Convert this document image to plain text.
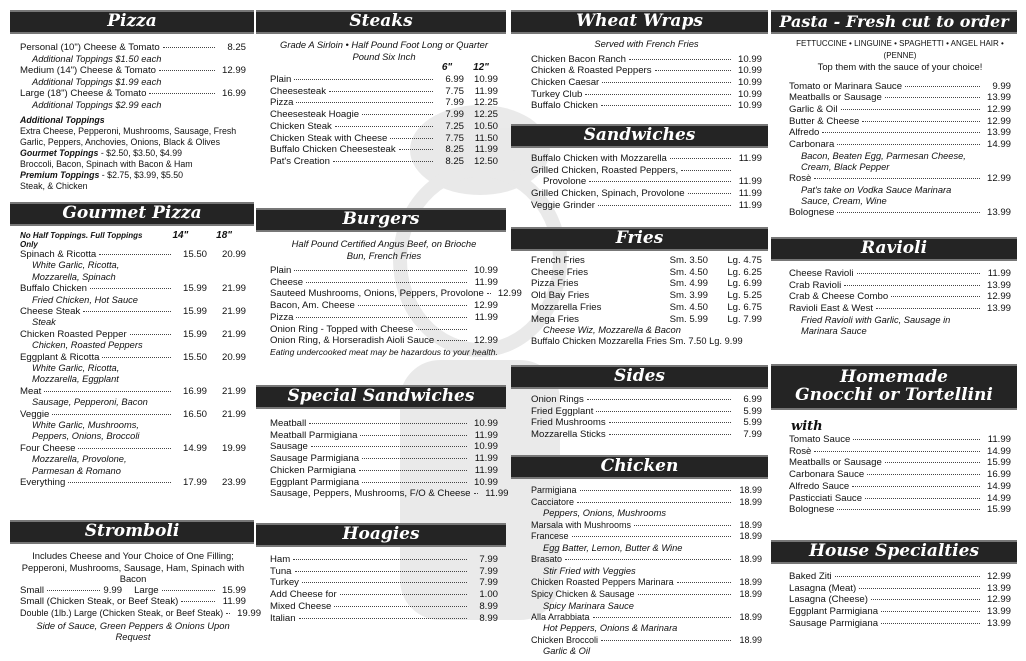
Pizza
Personal (10") Cheese & Tomato	8.25
Additional Toppings $1.50 each
Medium (14") Cheese & Tomato	12.99
Additional Toppings $1.99 each
Large (18") Cheese & Tomato	16.99
Additional Toppings $2.99 each
Additional Toppings
Extra Cheese, Pepperoni, Mushrooms, Sausage, Fresh Garlic, Peppers, Anchovies, Onions, Black & Olives
Gourmet Toppings - $2.50, $3.50, $4.99
Broccoli, Bacon, Spinach with Bacon & Ham
Premium Toppings - $2.75, $3.99, $5.50
Steak, & Chicken
Gourmet Pizza
No Half Toppings. Full Toppings Only
14"	18"
Spinach & Ricotta	15.50	20.99
White Garlic, Ricotta, Mozzarella, Spinach
Buffalo Chicken	15.99	21.99
Fried Chicken, Hot Sauce
Cheese Steak	15.99	21.99
Steak
Chicken Roasted Pepper	15.99	21.99
Chicken, Roasted Peppers
Eggplant & Ricotta	15.50	20.99
White Garlic, Ricotta, Mozzarella, Eggplant
Meat	16.99	21.99
Sausage, Pepperoni, Bacon
Veggie	16.50	21.99
White Garlic, Mushrooms, Peppers, Onions, Broccoli
Four Cheese	14.99	19.99
Mozzarella, Provolone, Parmesan & Romano
Everything	17.99	23.99
Stromboli
Includes Cheese and Your Choice of One Filling; Pepperoni, Mushrooms, Sausage, Ham, Spinach with Bacon
Small	9.99 Large	15.99
Small (Chicken Steak, or Beef Steak)	11.99
Double (1lb.) Large (Chicken Steak, or Beef Steak)	19.99
Side of Sauce, Green Peppers & Onions Upon Request
Steaks
Grade A Sirloin • Half Pound Foot Long or Quarter Pound Six Inch
6"	12"
Plain	6.99	10.99
Cheesesteak	7.75	11.99
Pizza	7.99	12.25
Cheesesteak Hoagie	7.99	12.25
Chicken Steak	7.25	10.50
Chicken Steak with Cheese	7.75	11.50
Buffalo Chicken Cheesesteak	8.25	11.99
Pat's Creation	8.25	12.50
Burgers
Half Pound Certified Angus Beef, on Brioche Bun, French Fries
Plain	10.99
Cheese	11.99
Sauteed Mushrooms, Onions, Peppers, Provolone	12.99
Bacon, Am. Cheese	12.99
Pizza	11.99
Onion Ring - Topped with Cheese
Onion Ring, & Horseradish Aioli Sauce	12.99
Eating undercooked meat may be hazardous to your health.
Special Sandwiches
Meatball	10.99
Meatball Parmigiana	11.99
Sausage	10.99
Sausage Parmigiana	11.99
Chicken Parmigiana	11.99
Eggplant Parmigiana	10.99
Sausage, Peppers, Mushrooms, F/O & Cheese	11.99
Hoagies
Ham	7.99
Tuna	7.99
Turkey	7.99
Add Cheese for	1.00
Mixed Cheese	8.99
Italian	8.99
Wheat Wraps
Served with French Fries
Chicken Bacon Ranch	10.99
Chicken & Roasted Peppers	10.99
Chicken Caesar	10.99
Turkey Club	10.99
Buffalo Chicken	10.99
Sandwiches
Buffalo Chicken with Mozzarella	11.99
Grilled Chicken, Roasted Peppers,
Provolone	11.99
Grilled Chicken, Spinach, Provolone	11.99
Veggie Grinder	11.99
Fries
French Fries	Sm. 3.50	Lg. 4.75
Cheese Fries	Sm. 4.50	Lg. 6.25
Pizza Fries	Sm. 4.99	Lg. 6.99
Old Bay Fries	Sm. 3.99	Lg. 5.25
Mozzarella Fries	Sm. 4.50	Lg. 6.75
Mega Fries	Sm. 5.99	Lg. 7.99
Cheese Wiz, Mozzarella & Bacon
Buffalo Chicken Mozzarella Fries Sm. 7.50 Lg. 9.99
Sides
Onion Rings	6.99
Fried Eggplant	5.99
Fried Mushrooms	5.99
Mozzarella Sticks	7.99
Chicken
Parmigiana	18.99
Cacciatore	18.99
Peppers, Onions, Mushrooms
Marsala with Mushrooms	18.99
Francese	18.99
Egg Batter, Lemon, Butter & Wine
Brasato	18.99
Stir Fried with Veggies
Chicken Roasted Peppers Marinara	18.99
Spicy Chicken & Sausage	18.99
Spicy Marinara Sauce
Alla Arrabbiata	18.99
Hot Peppers, Onions & Marinara
Chicken Broccoli	18.99
Garlic & Oil
Pasta - Fresh cut to order
FETTUCCINE • LINGUINE • SPAGHETTI • ANGEL HAIR • (PENNE)
Top them with the sauce of your choice!
Tomato or Marinara Sauce	9.99
Meatballs or Sausage	13.99
Garlic & Oil	12.99
Butter & Cheese	12.99
Alfredo	13.99
Carbonara	14.99
Bacon, Beaten Egg, Parmesan Cheese, Cream, Black Pepper
Rosè	12.99
Pat's take on Vodka Sauce Marinara Sauce, Cream, Wine
Bolognese	13.99
Ravioli
Cheese Ravioli	11.99
Crab Ravioli	13.99
Crab & Cheese Combo	12.99
Ravioli East & West	13.99
Fried Ravioli with Garlic, Sausage in Marinara Sauce
Homemade
Gnocchi or Tortellini
with
Tomato Sauce	11.99
Rosè	14.99
Meatballs or Sausage	15.99
Carbonara Sauce	16.99
Alfredo Sauce	14.99
Pasticciati Sauce	14.99
Bolognese	15.99
House Specialties
Baked Ziti	12.99
Lasagna (Meat)	13.99
Lasagna (Cheese)	12.99
Eggplant Parmigiana	13.99
Sausage Parmigiana	13.99
